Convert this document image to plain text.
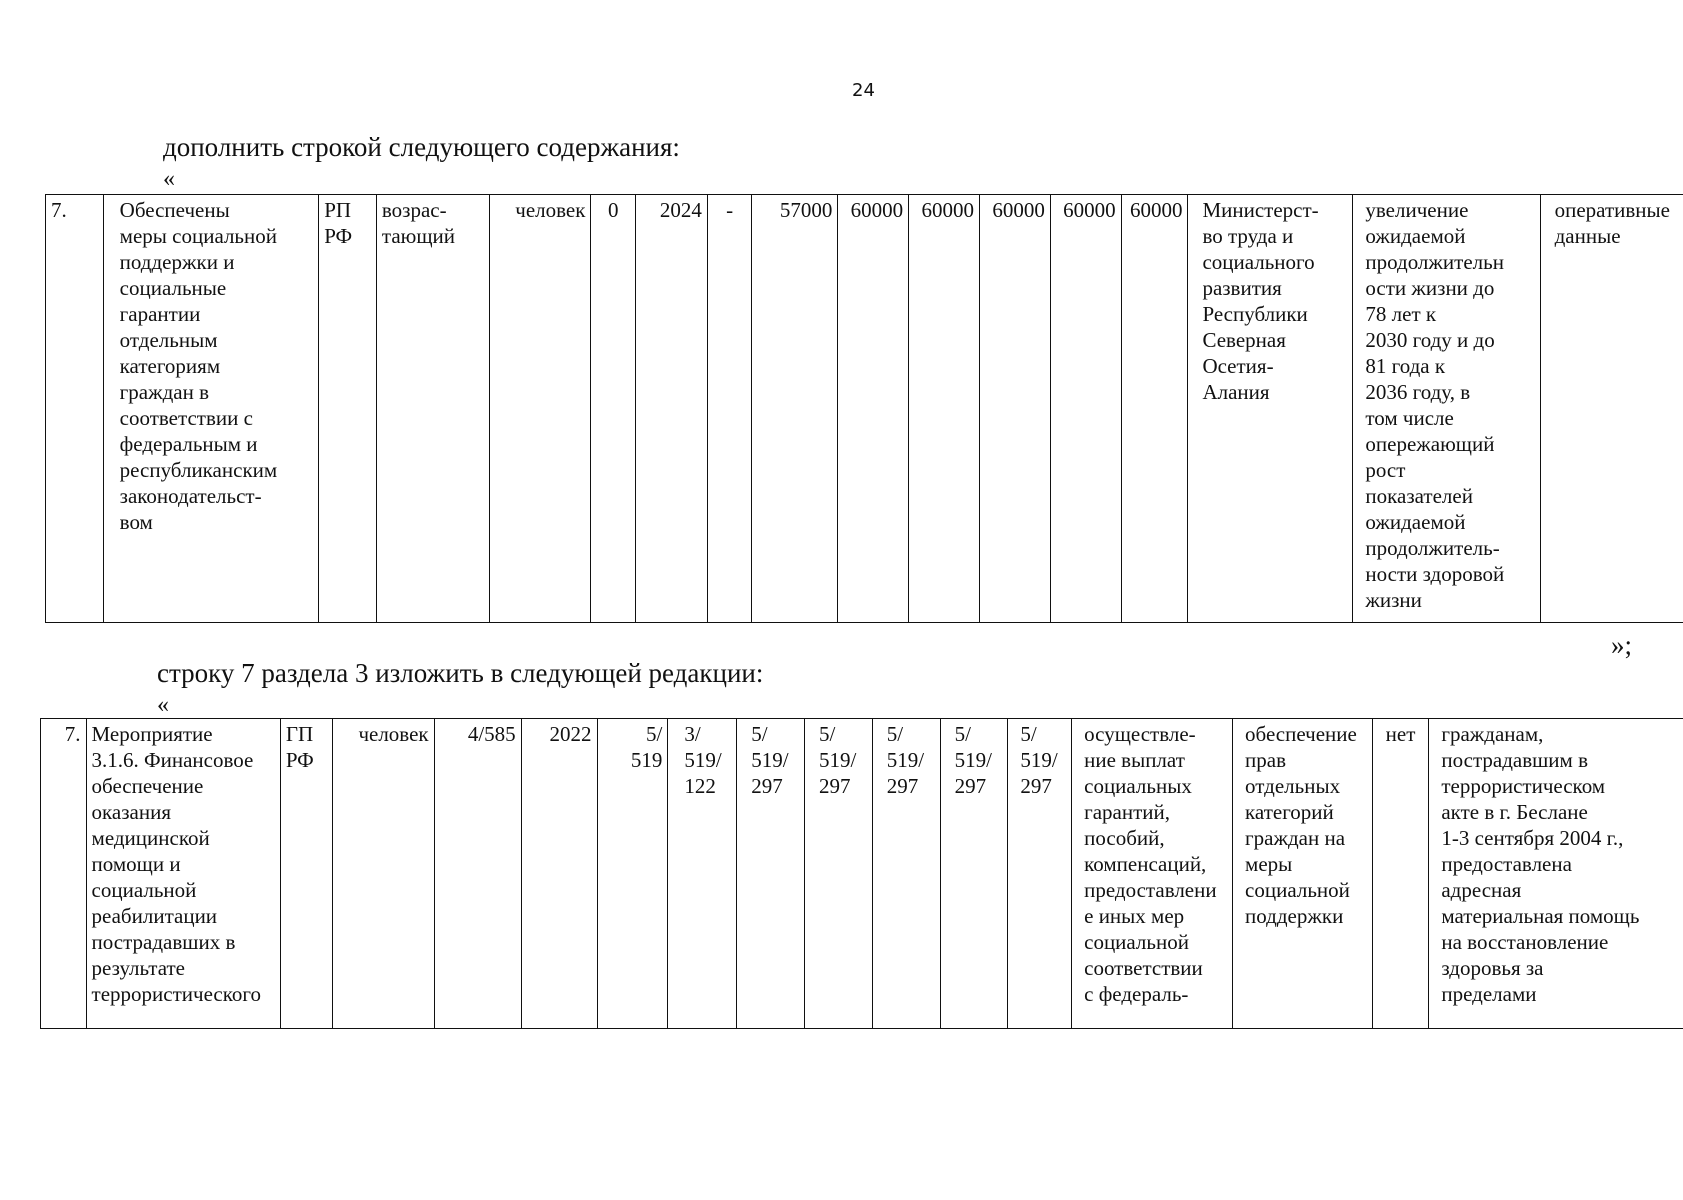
24
дополнить строкой следующего содержания:
«
7.	Обеспечены
меры социальной
поддержки и
социальные
гарантии
отдельным
категориям
граждан в
соответствии с
федеральным и
республиканским
законодательст-
вом	РП
РФ	возрас-
тающий	человек	0	2024	-	57000	60000	60000	60000	60000	60000	Министерст-
во труда и
социального
развития
Республики
Северная
Осетия-
Алания	увеличение
ожидаемой
продолжительн
ости жизни до
78 лет к
2030 году и до
81 года к
2036 году, в
том числе
опережающий
рост
показателей
ожидаемой
продолжитель-
ности здоровой
жизни	оперативные
данные
»;
строку 7 раздела 3 изложить в следующей редакции:
«
7.	Мероприятие
3.1.6. Финансовое
обеспечение
оказания
медицинской
помощи и
социальной
реабилитации
пострадавших в
результате
террористического	ГП
РФ	человек	4/585	2022	5/
519	3/
519/
122	5/
519/
297	5/
519/
297	5/
519/
297	5/
519/
297	5/
519/
297	осуществле-
ние выплат
социальных
гарантий,
пособий,
компенсаций,
предоставлени
е иных мер
социальной
соответствии
с федераль-	обеспечение
прав
отдельных
категорий
граждан на
меры
социальной
поддержки	нет	гражданам,
пострадавшим в
террористическом
акте в г. Беслане
1-3 сентября 2004 г.,
предоставлена
адресная
материальная помощь
на восстановление
здоровья за
пределами
